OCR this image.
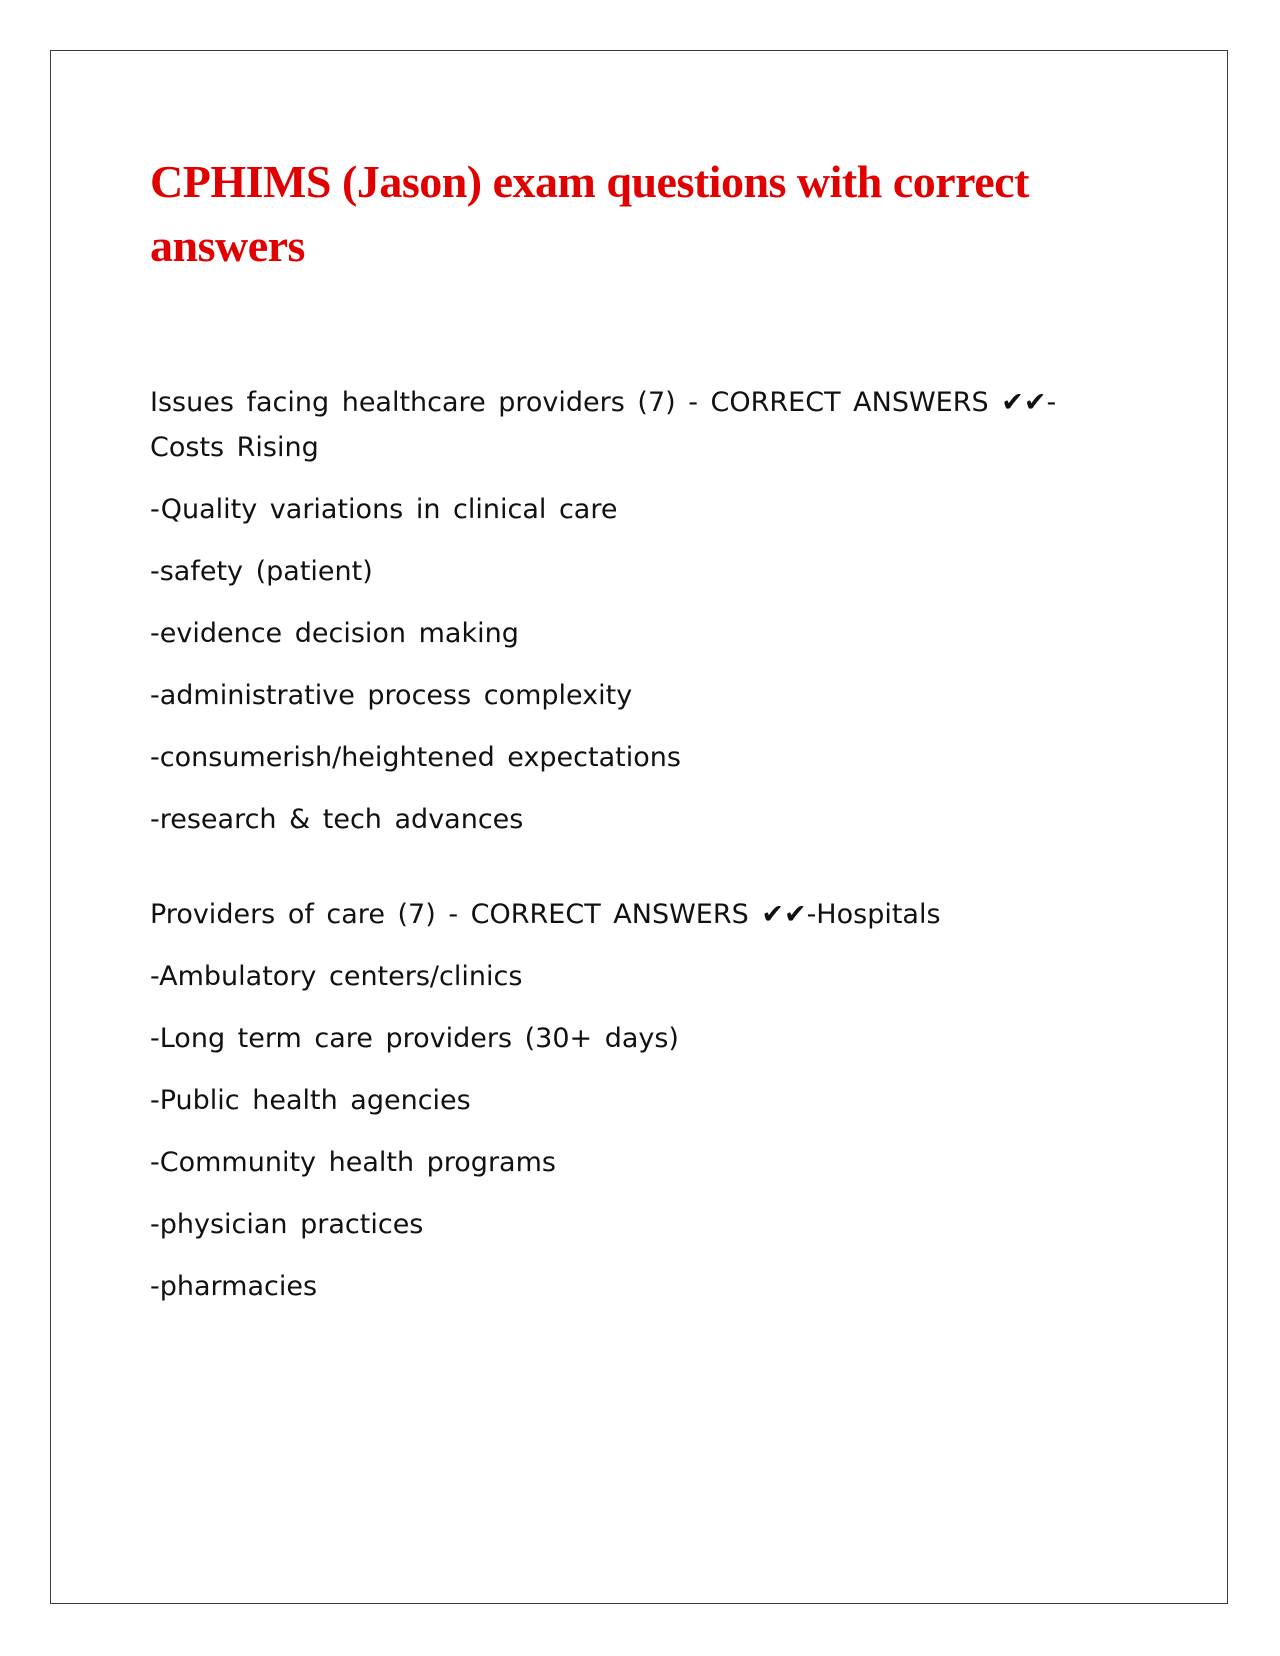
CPHIMS (Jason) exam questions with correct answers

Issues facing healthcare providers (7) - CORRECT ANSWERS ✔✔-Costs Rising

-Quality variations in clinical care

-safety (patient)

-evidence decision making

-administrative process complexity

-consumerish/heightened expectations

-research & tech advances

Providers of care (7) - CORRECT ANSWERS ✔✔-Hospitals

-Ambulatory centers/clinics

-Long term care providers (30+ days)

-Public health agencies

-Community health programs

-physician practices

-pharmacies
